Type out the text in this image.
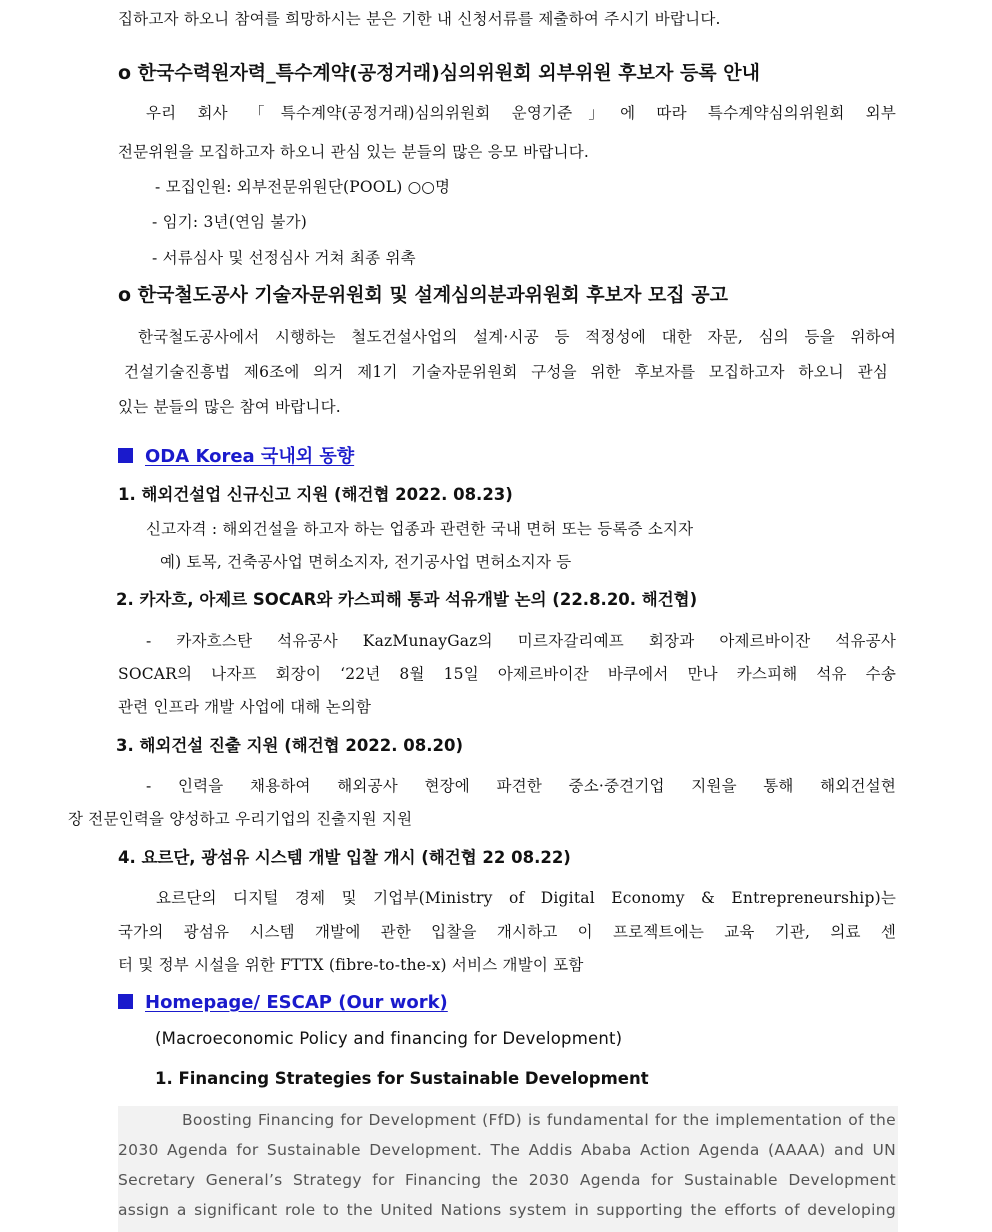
집하고자 하오니 참여를 희망하시는 분은 기한 내 신청서류를 제출하여 주시기 바랍니다.
o 한국수력원자력_특수계약(공정거래)심의위원회 외부위원 후보자 등록 안내
우리 회사 「특수계약(공정거래)심의위원회 운영기준」에 따라 특수계약심의위원회 외부
전문위원을 모집하고자 하오니 관심 있는 분들의 많은 응모 바랍니다.
- 모집인원: 외부전문위원단(POOL) ○○명
- 임기: 3년(연임 불가)
- 서류심사 및 선정심사 거쳐 최종 위촉
o 한국철도공사 기술자문위원회 및 설계심의분과위원회 후보자 모집 공고
한국철도공사에서 시행하는 철도건설사업의 설계·시공 등 적정성에 대한 자문, 심의 등을 위하여
건설기술진흥법 제6조에 의거 제1기 기술자문위원회 구성을 위한 후보자를 모집하고자 하오니 관심
있는 분들의 많은 참여 바랍니다.
ODA Korea 국내외 동향
1. 해외건설업 신규신고 지원 (해건협 2022. 08.23)
신고자격 : 해외건설을 하고자 하는 업종과 관련한 국내 면허 또는 등록증 소지자
예) 토목, 건축공사업 면허소지자, 전기공사업 면허소지자 등
2. 카자흐, 아제르 SOCAR와 카스피해 통과 석유개발 논의 (22.8.20. 해건협)
- 카자흐스탄 석유공사 KazMunayGaz의 미르자갈리예프 회장과 아제르바이잔 석유공사
SOCAR의 나자프 회장이 ‘22년 8월 15일 아제르바이잔 바쿠에서 만나 카스피해 석유 수송
관련 인프라 개발 사업에 대해 논의함
3. 해외건설 진출 지원 (해건협 2022. 08.20)
- 인력을 채용하여 해외공사 현장에 파견한 중소·중견기업 지원을 통해 해외건설현
장 전문인력을 양성하고 우리기업의 진출지원 지원
4. 요르단, 광섬유 시스템 개발 입찰 개시 (해건협 22 08.22)
요르단의 디지털 경제 및 기업부(Ministry of Digital Economy & Entrepreneurship)는
국가의 광섬유 시스템 개발에 관한 입찰을 개시하고 이 프로젝트에는 교육 기관, 의료 센
터 및 정부 시설을 위한 FTTX (fibre-to-the-x) 서비스 개발이 포함
Homepage/ ESCAP (Our work)
(Macroeconomic Policy and financing for Development)
1. Financing Strategies for Sustainable Development
Boosting Financing for Development (FfD) is fundamental for the implementation of the
2030 Agenda for Sustainable Development. The Addis Ababa Action Agenda (AAAA) and UN
Secretary General’s Strategy for Financing the 2030 Agenda for Sustainable Development
assign a significant role to the United Nations system in supporting the efforts of developing
